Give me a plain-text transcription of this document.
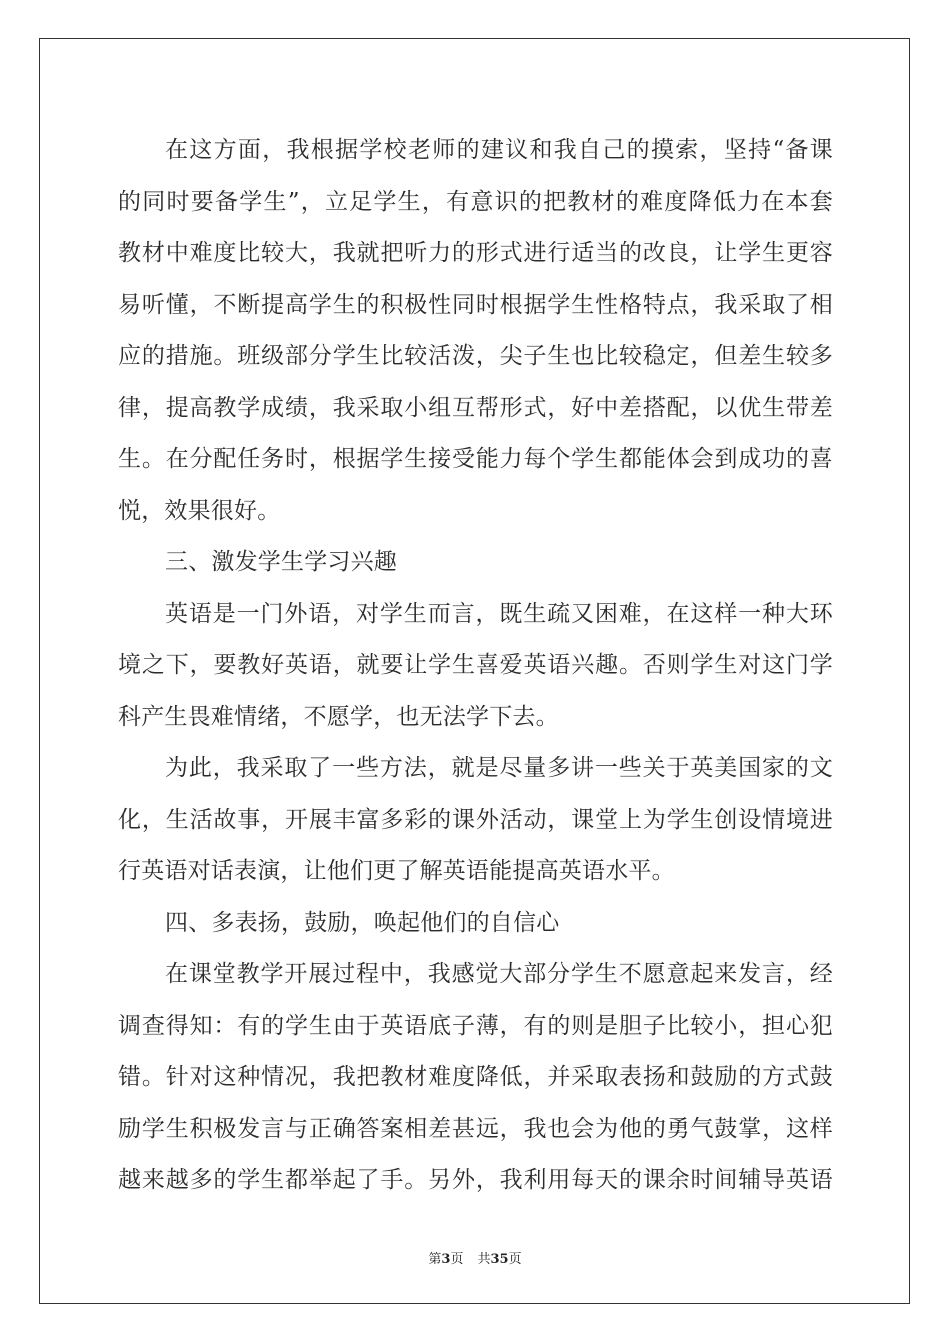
在这方面，我根据学校老师的建议和我自己的摸索，坚持“备课
的同时要备学生”，立足学生，有意识的把教材的难度降低力在本套
教材中难度比较大，我就把听力的形式进行适当的改良，让学生更容
易听懂，不断提高学生的积极性同时根据学生性格特点，我采取了相
应的措施。班级部分学生比较活泼，尖子生也比较稳定，但差生较多
律，提高教学成绩，我采取小组互帮形式，好中差搭配，以优生带差
生。在分配任务时，根据学生接受能力每个学生都能体会到成功的喜
悦，效果很好。
三、激发学生学习兴趣
英语是一门外语，对学生而言，既生疏又困难，在这样一种大环
境之下，要教好英语，就要让学生喜爱英语兴趣。否则学生对这门学
科产生畏难情绪，不愿学，也无法学下去。
为此，我采取了一些方法，就是尽量多讲一些关于英美国家的文
化，生活故事，开展丰富多彩的课外活动，课堂上为学生创设情境进
行英语对话表演，让他们更了解英语能提高英语水平。
四、多表扬，鼓励，唤起他们的自信心
在课堂教学开展过程中，我感觉大部分学生不愿意起来发言，经
调查得知：有的学生由于英语底子薄，有的则是胆子比较小，担心犯
错。针对这种情况，我把教材难度降低，并采取表扬和鼓励的方式鼓
励学生积极发言与正确答案相差甚远，我也会为他的勇气鼓掌，这样
越来越多的学生都举起了手。另外，我利用每天的课余时间辅导英语
第3页 共35页
